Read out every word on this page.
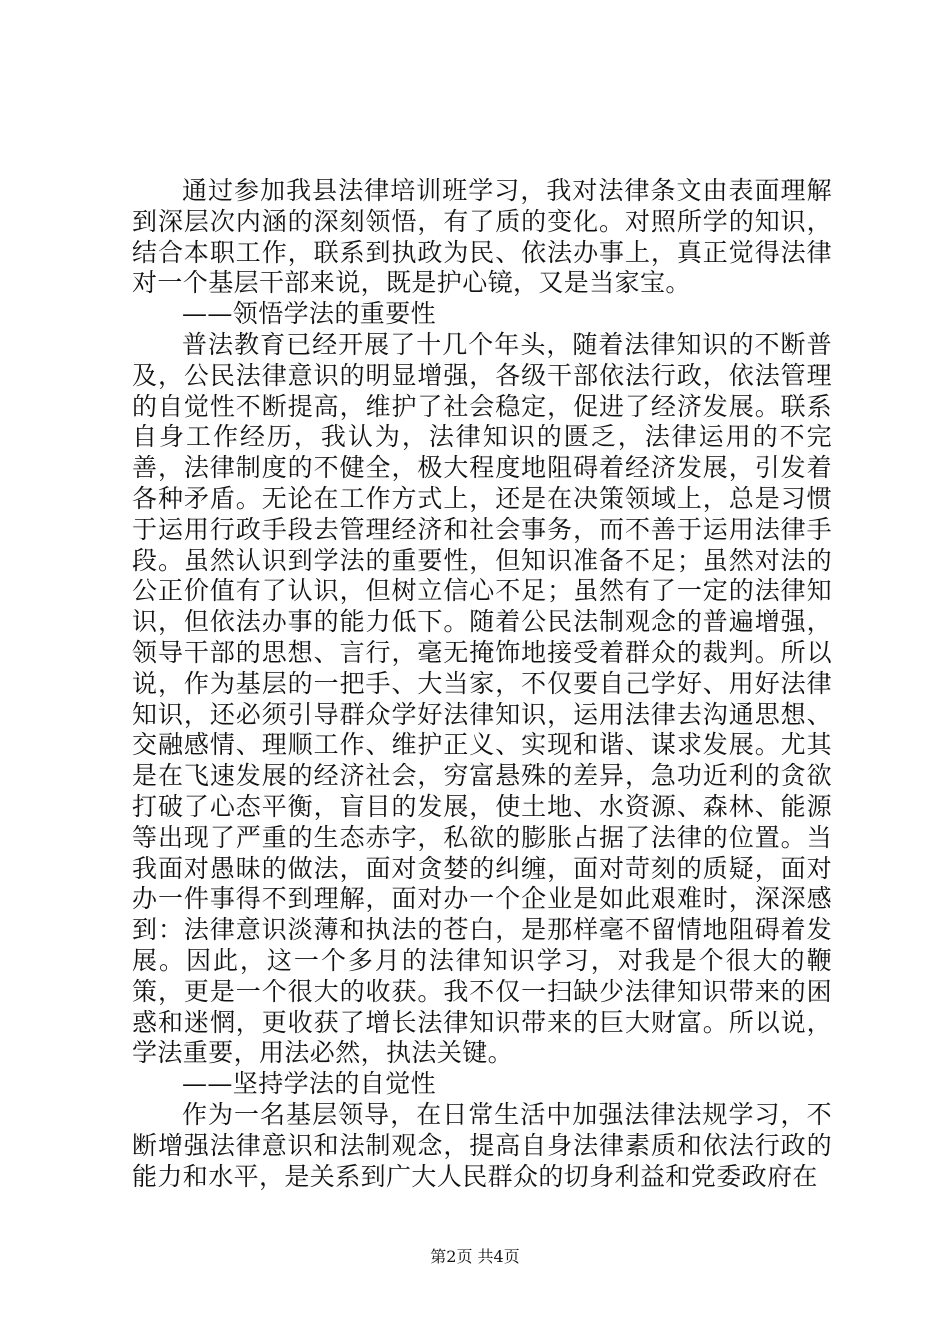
通过参加我县法律培训班学习，我对法律条文由表面理解到深层次内涵的深刻领悟，有了质的变化。对照所学的知识，结合本职工作，联系到执政为民、依法办事上，真正觉得法律对一个基层干部来说，既是护心镜，又是当家宝。

——领悟学法的重要性

普法教育已经开展了十几个年头，随着法律知识的不断普及，公民法律意识的明显增强，各级干部依法行政，依法管理的自觉性不断提高，维护了社会稳定，促进了经济发展。联系自身工作经历，我认为，法律知识的匮乏，法律运用的不完善，法律制度的不健全，极大程度地阻碍着经济发展，引发着各种矛盾。无论在工作方式上，还是在决策领域上，总是习惯于运用行政手段去管理经济和社会事务，而不善于运用法律手段。虽然认识到学法的重要性，但知识准备不足；虽然对法的公正价值有了认识，但树立信心不足；虽然有了一定的法律知识，但依法办事的能力低下。随着公民法制观念的普遍增强，领导干部的思想、言行，毫无掩饰地接受着群众的裁判。所以说，作为基层的一把手、大当家，不仅要自己学好、用好法律知识，还必须引导群众学好法律知识，运用法律去沟通思想、交融感情、理顺工作、维护正义、实现和谐、谋求发展。尤其是在飞速发展的经济社会，穷富悬殊的差异，急功近利的贪欲打破了心态平衡，盲目的发展，使土地、水资源、森林、能源等出现了严重的生态赤字，私欲的膨胀占据了法律的位置。当我面对愚昧的做法，面对贪婪的纠缠，面对苛刻的质疑，面对办一件事得不到理解，面对办一个企业是如此艰难时，深深感到：法律意识淡薄和执法的苍白，是那样毫不留情地阻碍着发展。因此，这一个多月的法律知识学习，对我是个很大的鞭策，更是一个很大的收获。我不仅一扫缺少法律知识带来的困惑和迷惘，更收获了增长法律知识带来的巨大财富。所以说，学法重要，用法必然，执法关键。

——坚持学法的自觉性

作为一名基层领导，在日常生活中加强法律法规学习，不断增强法律意识和法制观念，提高自身法律素质和依法行政的能力和水平，是关系到广大人民群众的切身利益和党委政府在

第2页 共4页
